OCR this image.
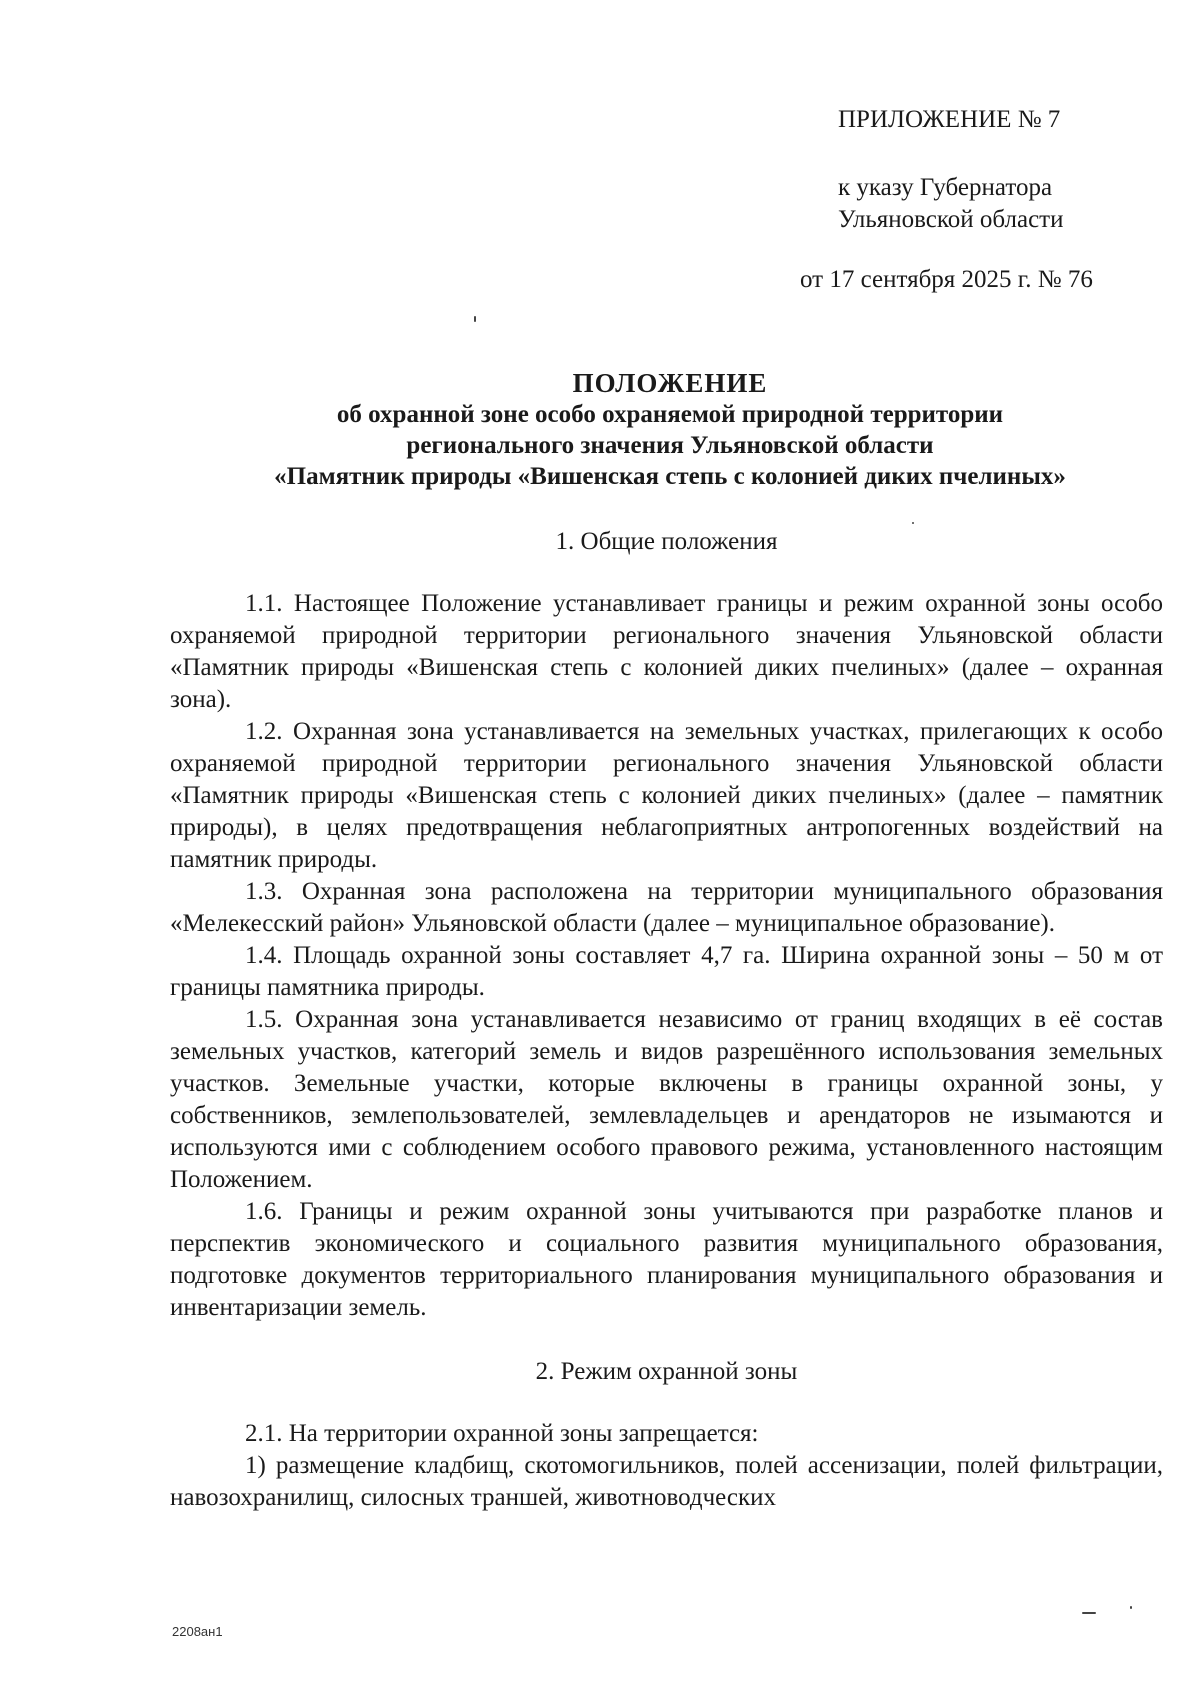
ПРИЛОЖЕНИЕ № 7
к указу Губернатора
Ульяновской области
от 17 сентября 2025 г. № 76
ПОЛОЖЕНИЕ
об охранной зоне особо охраняемой природной территории
регионального значения Ульяновской области
«Памятник природы «Вишенская степь с колонией диких пчелиных»

1. Общие положения

1.1. Настоящее Положение устанавливает границы и режим охранной зоны особо охраняемой природной территории регионального значения Ульяновской области «Памятник природы «Вишенская степь с колонией диких пчелиных» (далее – охранная зона).

1.2. Охранная зона устанавливается на земельных участках, прилегающих к особо охраняемой природной территории регионального значения Ульяновской области «Памятник природы «Вишенская степь с колонией диких пчелиных» (далее – памятник природы), в целях предотвращения неблагоприятных антропогенных воздействий на памятник природы.

1.3. Охранная зона расположена на территории муниципального образования «Мелекесский район» Ульяновской области (далее – муниципальное образование).

1.4. Площадь охранной зоны составляет 4,7 га. Ширина охранной зоны – 50 м от границы памятника природы.

1.5. Охранная зона устанавливается независимо от границ входящих в её состав земельных участков, категорий земель и видов разрешённого использования земельных участков. Земельные участки, которые включены в границы охранной зоны, у собственников, землепользователей, землевладельцев и арендаторов не изымаются и используются ими с соблюдением особого правового режима, установленного настоящим Положением.

1.6. Границы и режим охранной зоны учитываются при разработке планов и перспектив экономического и социального развития муниципального образования, подготовке документов территориального планирования муниципального образования и инвентаризации земель.

2. Режим охранной зоны

2.1. На территории охранной зоны запрещается:

1) размещение кладбищ, скотомогильников, полей ассенизации, полей фильтрации, навозохранилищ, силосных траншей, животноводческих

2208ан1
